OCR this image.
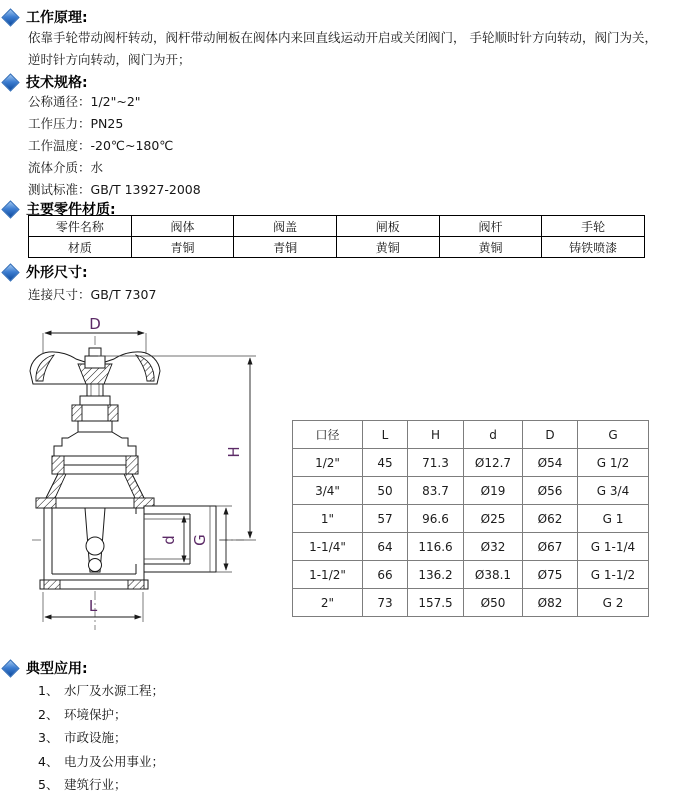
工作原理:
依靠手轮带动阀杆转动，阀杆带动闸板在阀体内来回直线运动开启或关闭阀门， 手轮顺时针方向转动，阀门为关，
逆时针方向转动，阀门为开；
技术规格:
公称通径：1/2"~2"
工作压力：PN25
工作温度：-20℃~180℃
流体介质：水
测试标准：GB/T 13927-2008
主要零件材质:
零件名称	阀体	阀盖	闸板	阀杆	手轮
材质	青铜	青铜	黄铜	黄铜	铸铁喷漆
外形尺寸:
连接尺寸：GB/T 7307
D
H
d G
L
口径	L	H	d	D	G
1/2"	45	71.3	Ø12.7	Ø54	G 1/2
3/4"	50	83.7	Ø19	Ø56	G 3/4
1"	57	96.6	Ø25	Ø62	G 1
1-1/4"	64	116.6	Ø32	Ø67	G 1-1/4
1-1/2"	66	136.2	Ø38.1	Ø75	G 1-1/2
2"	73	157.5	Ø50	Ø82	G 2
典型应用:
1、 水厂及水源工程；
2、 环境保护；
3、 市政设施；
4、 电力及公用事业；
5、 建筑行业；
